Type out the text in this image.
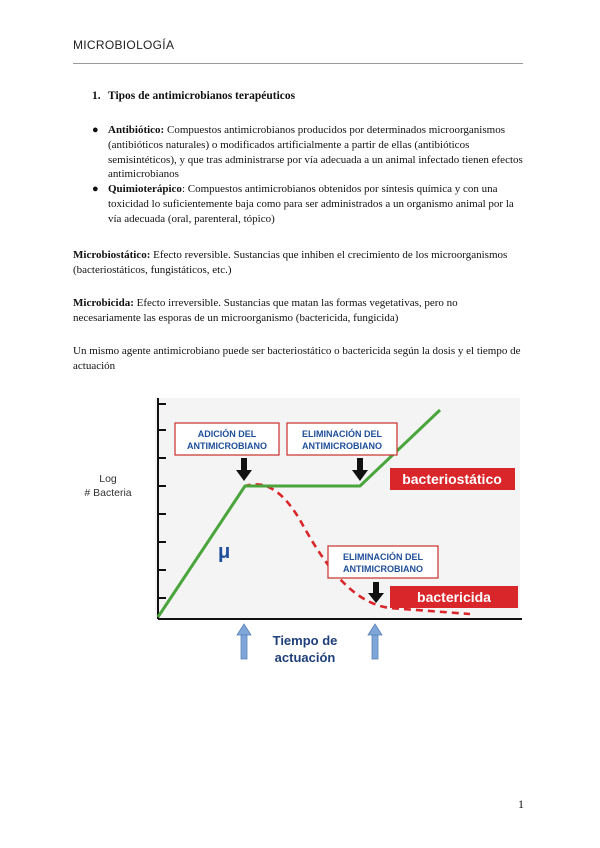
MICROBIOLOGÍA
1. Tipos de antimicrobianos terapéuticos
● Antibiótico: Compuestos antimicrobianos producidos por determinados microorganismos (antibióticos naturales) o modificados artificialmente a partir de ellas (antibióticos semisintéticos), y que tras administrarse por vía adecuada a un animal infectado tienen efectos antimicrobianos
● Quimioterápico: Compuestos antimicrobianos obtenidos por síntesis química y con una toxicidad lo suficientemente baja como para ser administrados a un organismo animal por la vía adecuada (oral, parenteral, tópico)
Microbiostático: Efecto reversible. Sustancias que inhiben el crecimiento de los microorganismos (bacteriostáticos, fungistáticos, etc.)
Microbicida: Efecto irreversible. Sustancias que matan las formas vegetativas, pero no necesariamente las esporas de un microorganismo (bactericida, fungicida)
Un mismo agente antimicrobiano puede ser bacteriostático o bactericida según la dosis y el tiempo de actuación
Log
# Bacteria
μ
ADICIÓN DEL
ANTIMICROBIANO
ELIMINACIÓN DEL
ANTIMICROBIANO
bacteriostático
ELIMINACIÓN DEL
ANTIMICROBIANO
bactericida
Tiempo de
actuación
1
